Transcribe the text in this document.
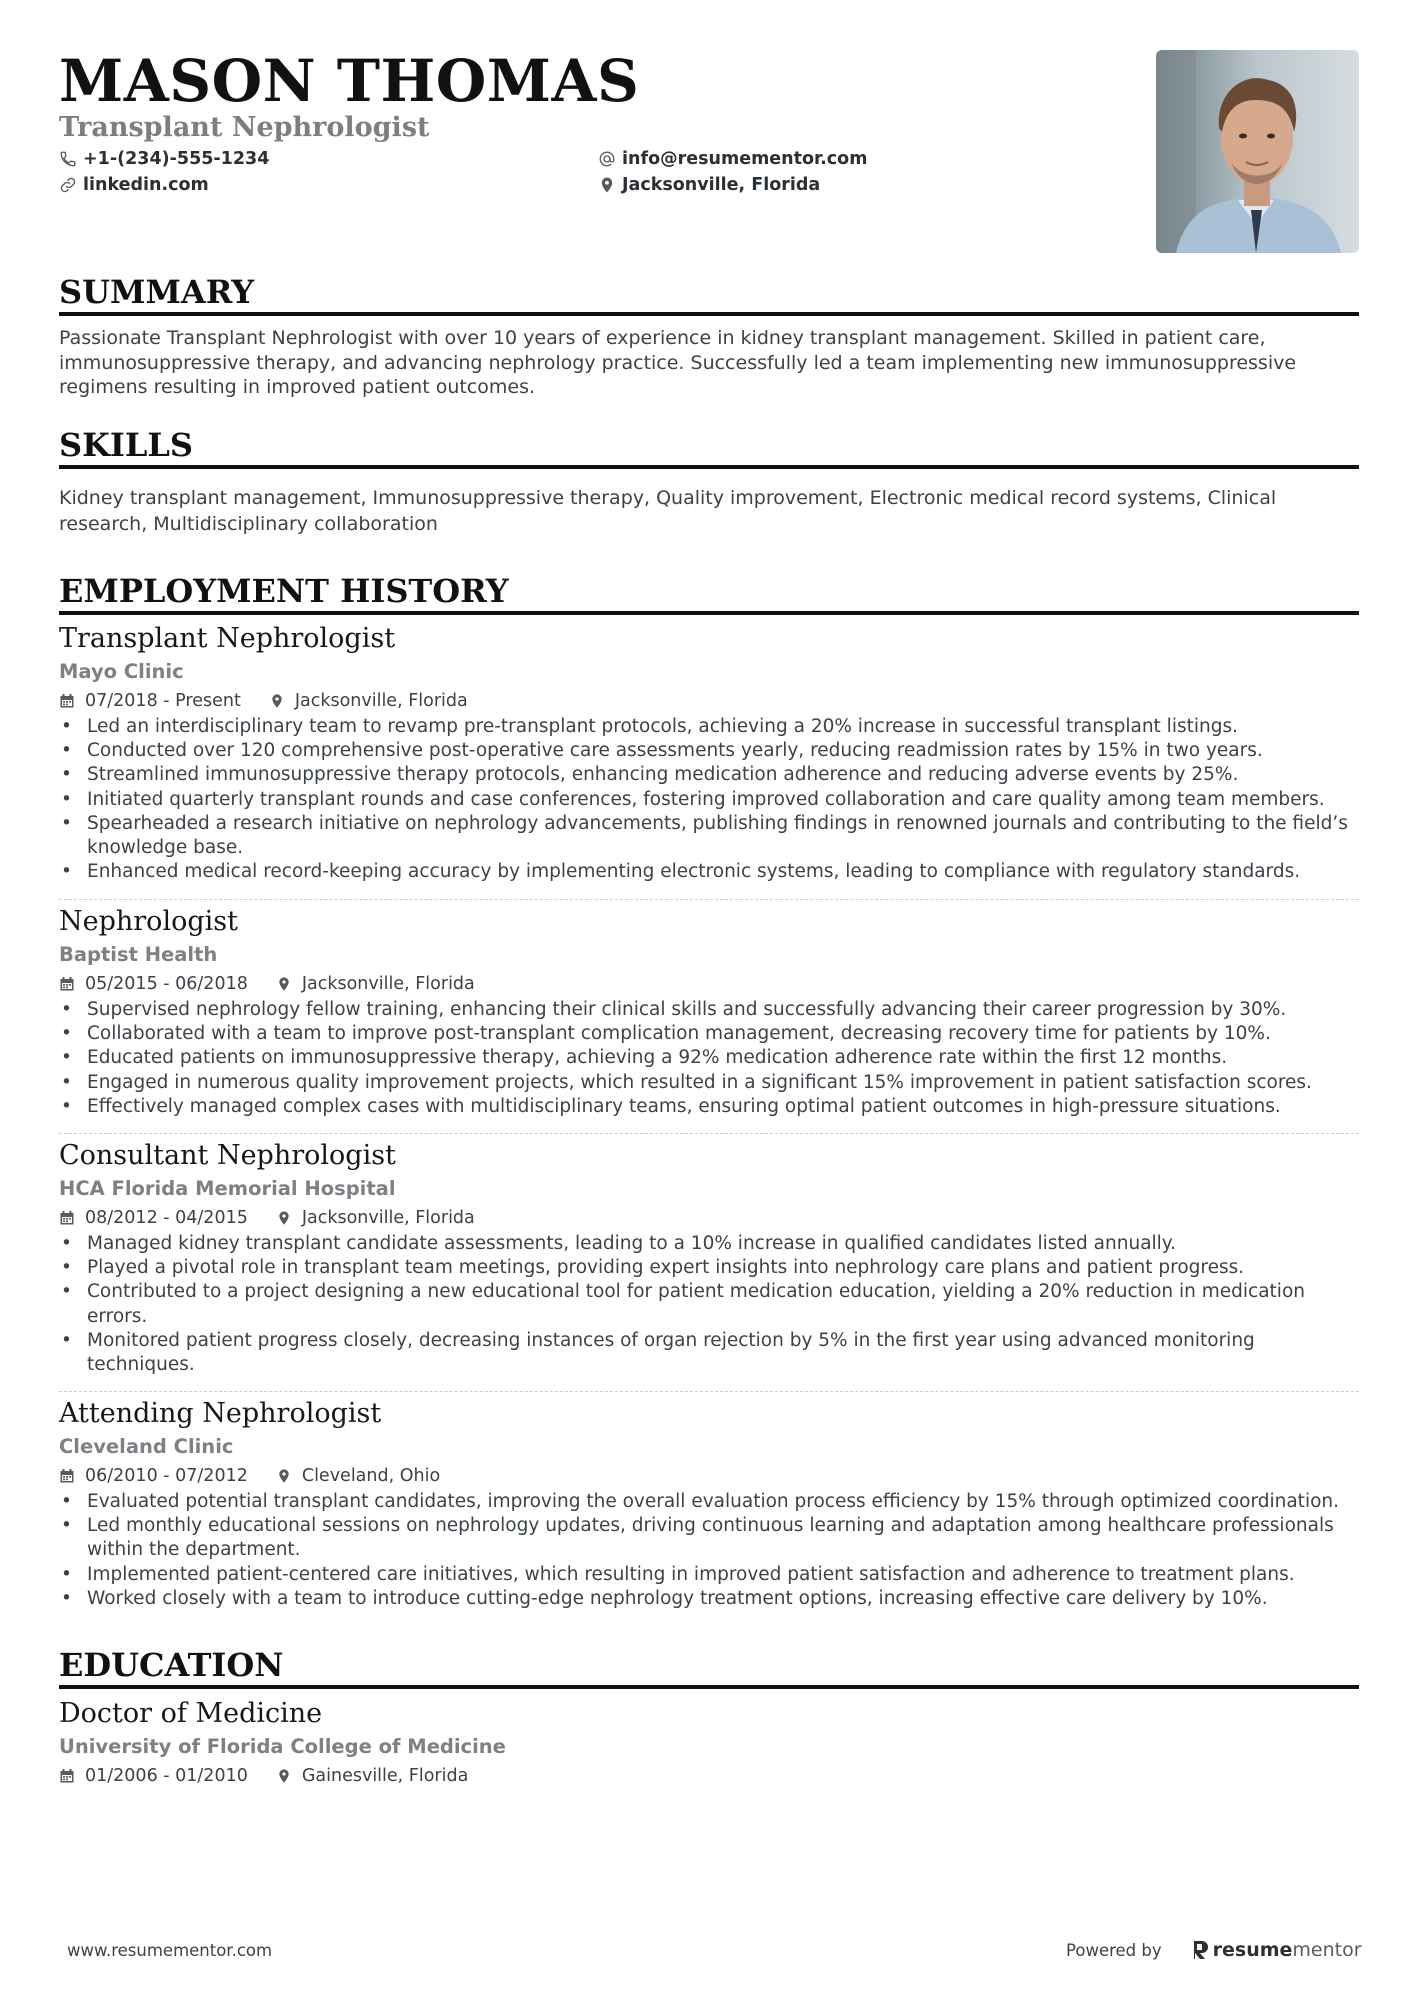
MASON THOMAS
Transplant Nephrologist
+1-(234)-555-1234	info@resumementor.com
linkedin.com	Jacksonville, Florida
SUMMARY

Passionate Transplant Nephrologist with over 10 years of experience in kidney transplant management. Skilled in patient care, immunosuppressive therapy, and advancing nephrology practice. Successfully led a team implementing new immunosuppressive regimens resulting in improved patient outcomes.

SKILLS

Kidney transplant management, Immunosuppressive therapy, Quality improvement, Electronic medical record systems, Clinical research, Multidisciplinary collaboration

EMPLOYMENT HISTORY
Transplant Nephrologist

Mayo Clinic

07/2018 - Present	Jacksonville, Florida
• Led an interdisciplinary team to revamp pre-transplant protocols, achieving a 20% increase in successful transplant listings.
• Conducted over 120 comprehensive post-operative care assessments yearly, reducing readmission rates by 15% in two years.
• Streamlined immunosuppressive therapy protocols, enhancing medication adherence and reducing adverse events by 25%.
• Initiated quarterly transplant rounds and case conferences, fostering improved collaboration and care quality among team members.
• Spearheaded a research initiative on nephrology advancements, publishing findings in renowned journals and contributing to the field’s knowledge base.
• Enhanced medical record-keeping accuracy by implementing electronic systems, leading to compliance with regulatory standards.
Nephrologist

Baptist Health

05/2015 - 06/2018	Jacksonville, Florida
• Supervised nephrology fellow training, enhancing their clinical skills and successfully advancing their career progression by 30%.
• Collaborated with a team to improve post-transplant complication management, decreasing recovery time for patients by 10%.
• Educated patients on immunosuppressive therapy, achieving a 92% medication adherence rate within the first 12 months.
• Engaged in numerous quality improvement projects, which resulted in a significant 15% improvement in patient satisfaction scores.
• Effectively managed complex cases with multidisciplinary teams, ensuring optimal patient outcomes in high-pressure situations.
Consultant Nephrologist

HCA Florida Memorial Hospital

08/2012 - 04/2015	Jacksonville, Florida
• Managed kidney transplant candidate assessments, leading to a 10% increase in qualified candidates listed annually.
• Played a pivotal role in transplant team meetings, providing expert insights into nephrology care plans and patient progress.
• Contributed to a project designing a new educational tool for patient medication education, yielding a 20% reduction in medication errors.
• Monitored patient progress closely, decreasing instances of organ rejection by 5% in the first year using advanced monitoring techniques.
Attending Nephrologist

Cleveland Clinic

06/2010 - 07/2012	Cleveland, Ohio
• Evaluated potential transplant candidates, improving the overall evaluation process efficiency by 15% through optimized coordination.
• Led monthly educational sessions on nephrology updates, driving continuous learning and adaptation among healthcare professionals within the department.
• Implemented patient-centered care initiatives, which resulting in improved patient satisfaction and adherence to treatment plans.
• Worked closely with a team to introduce cutting-edge nephrology treatment options, increasing effective care delivery by 10%.
EDUCATION
Doctor of Medicine

University of Florida College of Medicine

01/2006 - 01/2010	Gainesville, Florida
www.resumementor.com	Powered by	resume mentor
